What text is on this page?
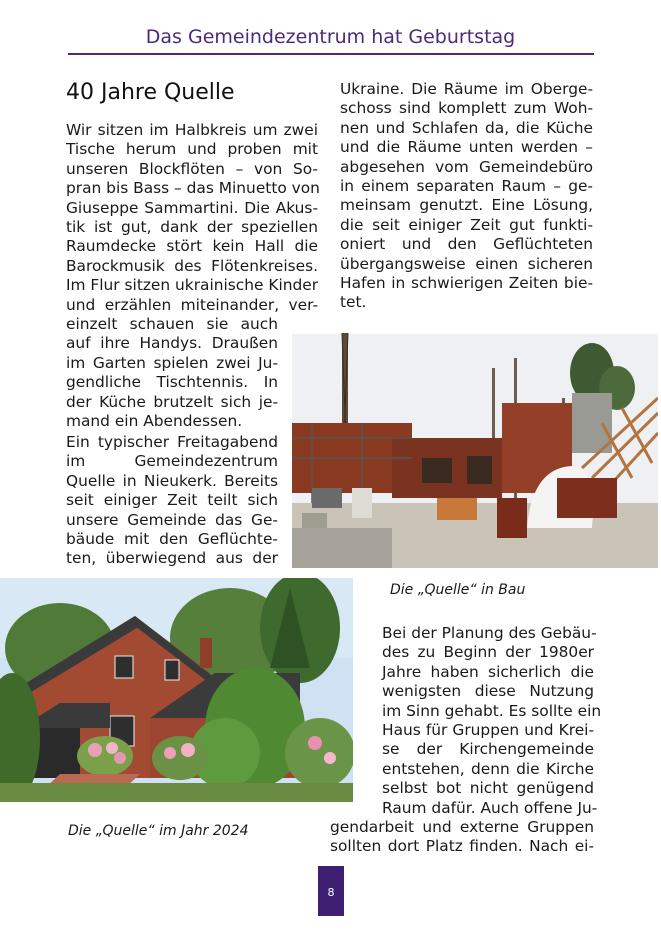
Das Gemeindezentrum hat Geburtstag
40 Jahre Quelle
Wir sitzen im Halbkreis um zwei
Tische herum und proben mit
unseren Blockflöten – von So-
pran bis Bass – das Minuetto von
Giuseppe Sammartini. Die Akus-
tik ist gut, dank der speziellen
Raumdecke stört kein Hall die
Barockmusik des Flötenkreises.
Im Flur sitzen ukrainische Kinder
und erzählen miteinander, ver-
einzelt schauen sie auch
auf ihre Handys. Draußen
im Garten spielen zwei Ju-
gendliche Tischtennis. In
der Küche brutzelt sich je-
mand ein Abendessen.
Ein typischer Freitagabend
im	Gemeindezentrum
Quelle in Nieukerk. Bereits
seit einiger Zeit teilt sich
unsere Gemeinde das Ge-
bäude mit den Geflüchte-
ten, überwiegend aus der
Ukraine. Die Räume im Oberge-
schoss sind komplett zum Woh-
nen und Schlafen da, die Küche
und die Räume unten werden –
abgesehen vom Gemeindebüro
in einem separaten Raum – ge-
meinsam genutzt. Eine Lösung,
die seit einiger Zeit gut funkti-
oniert und den Geflüchteten
übergangsweise einen sicheren
Hafen in schwierigen Zeiten bie-
tet.
Die „Quelle“ in Bau
Die „Quelle“ im Jahr 2024
Bei der Planung des Gebäu-
des zu Beginn der 1980er
Jahre haben sicherlich die
wenigsten diese Nutzung
im Sinn gehabt. Es sollte ein
Haus für Gruppen und Krei-
se der Kirchengemeinde
entstehen, denn die Kirche
selbst bot nicht genügend
Raum dafür. Auch offene Ju-
gendarbeit und externe Gruppen
sollten dort Platz finden. Nach ei-
8
